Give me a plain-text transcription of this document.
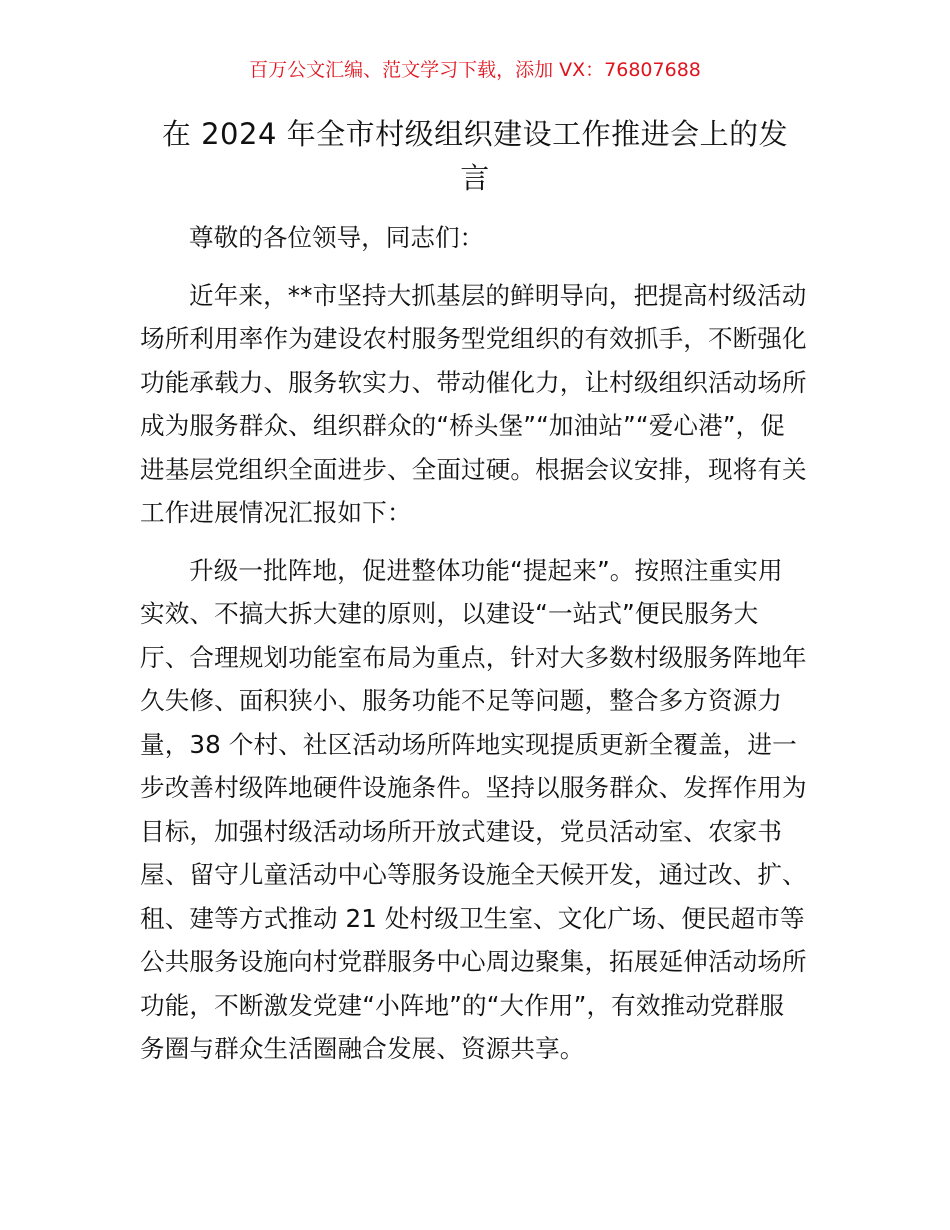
百万公文汇编、范文学习下载，添加 VX：76807688
在 2024 年全市村级组织建设工作推进会上的发
言

尊敬的各位领导，同志们：

近年来，**市坚持大抓基层的鲜明导向，把提高村级活动
场所利用率作为建设农村服务型党组织的有效抓手，不断强化
功能承载力、服务软实力、带动催化力，让村级组织活动场所
成为服务群众、组织群众的“桥头堡”“加油站”“爱心港”，促
进基层党组织全面进步、全面过硬。根据会议安排，现将有关
工作进展情况汇报如下：

升级一批阵地，促进整体功能“提起来”。按照注重实用
实效、不搞大拆大建的原则，以建设“一站式”便民服务大
厅、合理规划功能室布局为重点，针对大多数村级服务阵地年
久失修、面积狭小、服务功能不足等问题，整合多方资源力
量，38 个村、社区活动场所阵地实现提质更新全覆盖，进一
步改善村级阵地硬件设施条件。坚持以服务群众、发挥作用为
目标，加强村级活动场所开放式建设，党员活动室、农家书
屋、留守儿童活动中心等服务设施全天候开发，通过改、扩、
租、建等方式推动 21 处村级卫生室、文化广场、便民超市等
公共服务设施向村党群服务中心周边聚集，拓展延伸活动场所
功能，不断激发党建“小阵地”的“大作用”，有效推动党群服
务圈与群众生活圈融合发展、资源共享。
